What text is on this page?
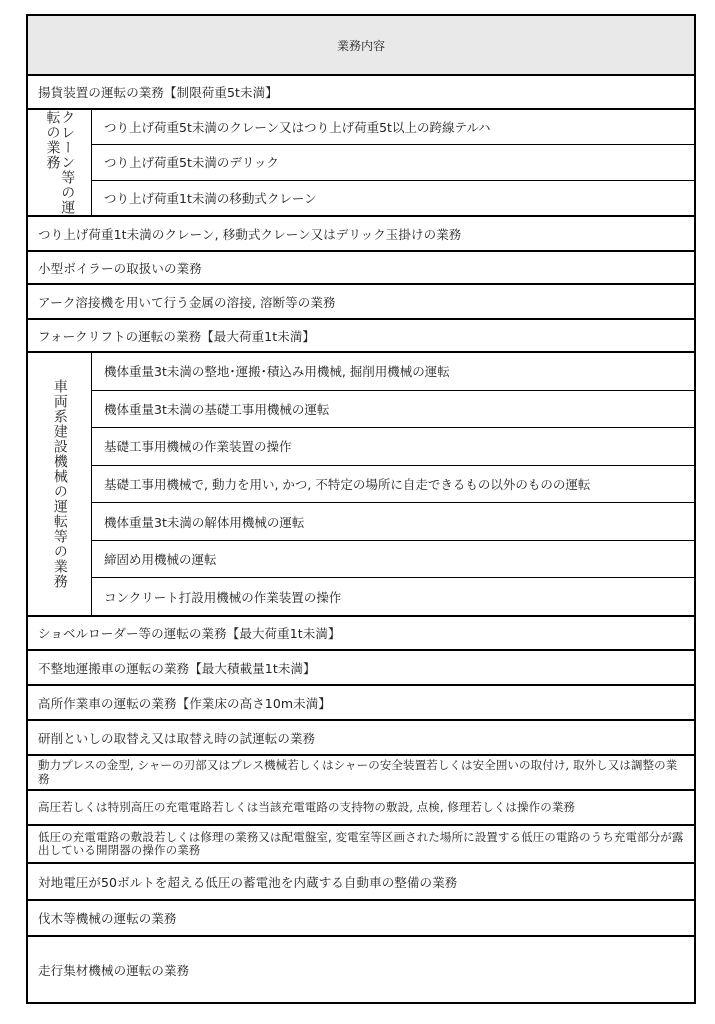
業務内容
揚貨装置の運転の業務【制限荷重5t未満】
クレーン等の運転の業務	つり上げ荷重5t未満のクレーン又はつり上げ荷重5t以上の跨線テルハ
つり上げ荷重5t未満のデリック
つり上げ荷重1t未満の移動式クレーン
つり上げ荷重1t未満のクレーン, 移動式クレーン又はデリック玉掛けの業務
小型ボイラーの取扱いの業務
アーク溶接機を用いて行う金属の溶接, 溶断等の業務
フォークリフトの運転の業務【最大荷重1t未満】
車両系建設機械の運転等の業務
機体重量3t未満の整地･運搬･積込み用機械, 掘削用機械の運転
機体重量3t未満の基礎工事用機械の運転
基礎工事用機械の作業装置の操作
基礎工事用機械で, 動力を用い, かつ, 不特定の場所に自走できるもの以外のものの運転
機体重量3t未満の解体用機械の運転
締固め用機械の運転
コンクリート打設用機械の作業装置の操作
ショベルローダー等の運転の業務【最大荷重1t未満】
不整地運搬車の運転の業務【最大積載量1t未満】
高所作業車の運転の業務【作業床の高さ10m未満】
研削といしの取替え又は取替え時の試運転の業務
動力プレスの金型, シャーの刃部又はプレス機械若しくはシャーの安全装置若しくは安全囲いの取付け, 取外し又は調整の業務
高圧若しくは特別高圧の充電電路若しくは当該充電電路の支持物の敷設, 点検, 修理若しくは操作の業務
低圧の充電電路の敷設若しくは修理の業務又は配電盤室, 変電室等区画された場所に設置する低圧の電路のうち充電部分が露出している開閉器の操作の業務
対地電圧が50ボルトを超える低圧の蓄電池を内蔵する自動車の整備の業務
伐木等機械の運転の業務
走行集材機械の運転の業務
